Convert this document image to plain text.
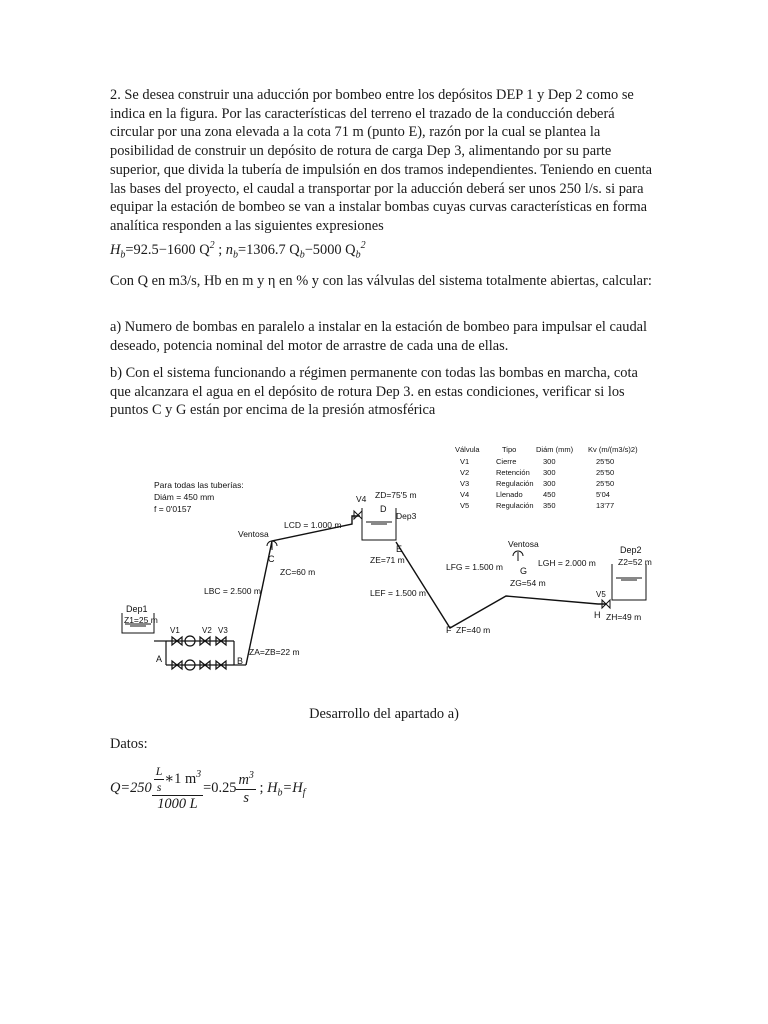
2. Se desea construir una aducción por bombeo entre los depósitos DEP 1 y Dep 2 como se indica en la figura. Por las características del terreno el trazado de la conducción deberá circular por una zona elevada a la cota 71 m (punto E), razón por la cual se plantea la posibilidad de construir un depósito de rotura de carga Dep 3, alimentando por su parte superior, que divida la tubería de impulsión en dos tramos independientes. Teniendo en cuenta las bases del proyecto, el caudal a transportar por la aducción deberá ser unos 250 l/s. si para equipar la estación de bombeo se van a instalar bombas cuyas curvas características en forma analítica responden a las siguientes expresiones

$H_b=92.5-1600$ $Q^2$ ; $n_b=1306.7$ $Q_b-5000$ $Q_b^2$

Con Q en m3/s, Hb en m y η en % y con las válvulas del sistema totalmente abiertas, calcular:

a) Numero de bombas en paralelo a instalar en la estación de bombeo para impulsar el caudal deseado, potencia nominal del motor de arrastre de cada una de ellas.

b) Con el sistema funcionando a régimen permanente con todas las bombas en marcha, cota que alcanzara el agua en el depósito de rotura Dep 3. en estas condiciones, verificar si los puntos C y G están por encima de la presión atmosférica

Válvula	Tipo	Diám (mm) Kv (m/(m3/s)2)
V1	Cierre	300	25'50
V2	Retención 300	25'50
V3	Regulación 300	25'50
V4	Llenado	450	5'04
V5	Regulación 350	13'77
Para todas las tuberías:
Diám = 450 mm
f = 0'0157
Dep1
Z1=25 m
V1	V2 V3
A	B
ZA=ZB=22 m
Ventosa
C
ZC=60 m
LBC = 2.500 m
LCD = 1.000 m
V4 ZD=75'5 m
D
Dep3
E
ZE=71 m
LEF = 1.500 m
F ZF=40 m
LFG = 1.500 m
Ventosa
G
ZG=54 m
LGH = 2.000 m
Dep2
Z2=52 m
V5
H ZH=49 m
Desarrollo del apartado a)
Datos:
$Q=250 \frac{\frac{L}{s} ∗1 m^3}{1000 L} =0.25 \frac{m^3}{s}$ ; $H_b=H_f$
